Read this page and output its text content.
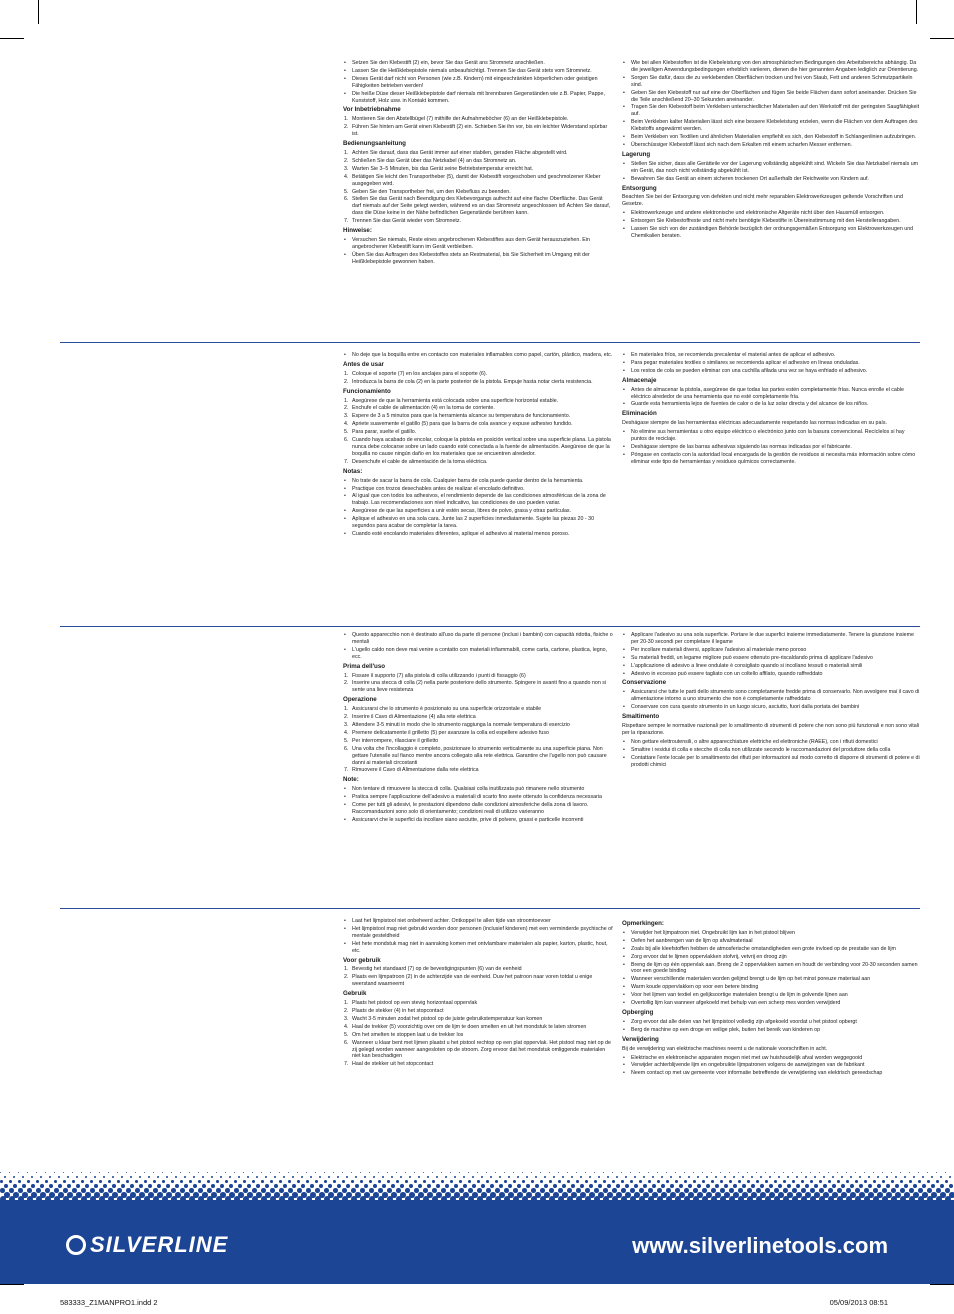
• Setzen Sie den Klebestift (2) ein, bevor Sie das Gerät ans Stromnetz anschließen.
• Lassen Sie die Heißklebepistole niemals unbeaufsichtigt. Trennen Sie das Gerät stets vom Stromnetz.
• Dieses Gerät darf nicht von Personen (wie z.B. Kindern) mit eingeschränkten körperlichen oder geistigen Fähigkeiten betrieben werden!
• Die heiße Düse dieser Heißklebepistole darf niemals mit brennbaren Gegenständen wie z.B. Papier, Pappe, Kunststoff, Holz usw. in Kontakt kommen.
Vor Inbetriebnahme
1. Montieren Sie den Abstellbügel (7) mithilfe der Aufnahmeböcher (6) an der Heißklebepistole.
2. Führen Sie hinten am Gerät einen Klebestift (2) ein. Schieben Sie ihn vor, bis ein leichter Widerstand spürbar ist.
Bedienungsanleitung
1. Achten Sie darauf, dass das Gerät immer auf einer stabilen, geraden Fläche abgestellt wird.
2. Schließen Sie das Gerät über das Netzkabel (4) an das Stromnetz an.
3. Warten Sie 3–5 Minuten, bis das Gerät seine Betriebstemperatur erreicht hat.
4. Betätigen Sie leicht den Transportheber (5), damit der Klebestift vorgeschoben und geschmolzener Kleber ausgegeben wird.
5. Geben Sie den Transportheber frei, um den Klebefluss zu beenden.
6. Stellen Sie das Gerät nach Beendigung des Klebevorgangs aufrecht auf eine flache Oberfläche. Das Gerät darf niemals auf der Seite gelegt werden, während es an das Stromnetz angeschlossen ist! Achten Sie darauf, dass die Düse keine in der Nähe befindlichen Gegenstände berühren kann.
7. Trennen Sie das Gerät wieder vom Stromnetz.
Hinweise:
• Versuchen Sie niemals, Reste eines angebrochenen Klebestiftes aus dem Gerät herauszuziehen. Ein angebrochener Klebestift kann im Gerät verbleiben.
• Üben Sie das Auftragen des Klebestoffes stets an Restmaterial, bis Sie Sicherheit im Umgang mit der Heißklebepistole gewonnen haben.
• Wie bei allen Klebestoffen ist die Klebeleistung von den atmosphärischen Bedingungen des Arbeitsbereichs abhängig. Da die jeweiligen Anwendungsbedingungen erheblich variieren, dienen die hier genannten Angaben lediglich zur Orientierung.
• Sorgen Sie dafür, dass die zu verklebenden Oberflächen trocken und frei von Staub, Fett und anderen Schmutzpartikeln sind.
• Geben Sie den Klebestoff nur auf eine der Oberflächen und fügen Sie beide Flächen dann sofort aneinander. Drücken Sie die Teile anschließend 20–30 Sekunden aneinander.
• Tragen Sie den Klebestoff beim Verkleben unterschiedlicher Materialien auf den Werkstoff mit der geringsten Saugfähigkeit auf.
• Beim Verkleben kalter Materialien lässt sich eine bessere Klebeleistung erzielen, wenn die Flächen vor dem Auftragen des Klebstoffs angewärmt werden.
• Beim Verkleben von Textilien und ähnlichen Materialien empfiehlt es sich, den Klebestoff in Schlangenlinien aufzubringen.
• Überschüssiger Klebestoff lässt sich nach dem Erkalten mit einem scharfen Messer entfernen.
Lagerung
• Stellen Sie sicher, dass alle Gerätteile vor der Lagerung vollständig abgekühlt sind. Wickeln Sie das Netzkabel niemals um ein Gerät, das noch nicht vollständig abgekühlt ist.
• Bewahren Sie das Gerät an einem sicheren trockenen Ort außerhalb der Reichweite von Kindern auf.
Entsorgung

Beachten Sie bei der Entsorgung von defekten und nicht mehr reparablen Elektrowerkzeugen geltende Vorschriften und Gesetze.

• Elektrowerkzeuge und andere elektronische und elektronische Altgeräte nicht über den Hausmüll entsorgen.
• Entsorgen Sie Klebestoffreste und nicht mehr benötigte Klebestifte in Übereinstimmung mit den Herstellerangaben.
• Lassen Sie sich von der zuständigen Behörde bezüglich der ordnungsgemäßen Entsorgung von Elektrowerkzeugen und Chemikalien beraten.

• No deje que la boquilla entre en contacto con materiales inflamables como papel, cartón, plástico, madera, etc.
Antes de usar
1. Coloque el soporte (7) en los anclajes para el soporte (6).
2. Introduzca la barra de cola (2) en la parte posterior de la pistola. Empuje hasta notar cierta resistencia.
Funcionamiento
1. Asegúrese de que la herramienta está colocada sobre una superficie horizontal estable.
2. Enchufe el cable de alimentación (4) en la toma de corriente.
3. Espere de 3 a 5 minutos para que la herramienta alcance su temperatura de funcionamiento.
4. Apriete suavemente el gatillo (5) para que la barra de cola avance y expuse adhesivo fundido.
5. Para parar, suelte el gatillo.
6. Cuando haya acabado de encolar, coloque la pistola en posición vertical sobre una superficie plana. La pistola nunca debe colocarse sobre un lado cuando esté conectada a la fuente de alimentación. Asegúrese de que la boquilla no cause ningún daño en los materiales que se encuentren alrededor.
7. Desenchufe el cable de alimentación de la toma eléctrica.
Notas:
• No trate de sacar la barra de cola. Cualquier barra de cola puede quedar dentro de la herramienta.
• Practique con trozos desechables antes de realizar el encolado definitivo.
• Al igual que con todos los adhesivos, el rendimiento depende de las condiciones atmosféricas de la zona de trabajo. Las recomendaciones son nivel indicativo, las condiciones de uso pueden variar.
• Asegúrese de que las superficies a unir estén secas, libres de polvo, grasa y otras partículas.
• Aplique el adhesivo en una sola cara. Junte las 2 superficies inmediatamente. Sujete las piezas 20 - 30 segundos para acabar de completar la tarea.
• Cuando esté encolando materiales diferentes, aplique el adhesivo al material menos poroso.
• En materiales fríos, se recomienda precalentar el material antes de aplicar el adhesivo.
• Para pegar materiales textiles o similares se recomienda aplicar el adhesivo en líneas onduladas.
• Los restos de cola se pueden eliminar con una cuchilla afilada una vez se haya enfriado el adhesivo.
Almacenaje
• Antes de almacenar la pistola, asegúrese de que todas las partes estén completamente frías. Nunca enrolle el cable eléctrico alrededor de una herramienta que no esté completamente fría.
• Guarde esta herramienta lejos de fuentes de calor o de la luz solar directa y del alcance de los niños.
Eliminación

Deshágase siempre de las herramientas eléctricas adecuadamente respetando las normas indicadas en su país.

• No elimine sus herramientas u otro equipo eléctrico o electrónico junto con la basura convencional. Recíclelos si hay puntos de reciclaje.
• Deshágase siempre de las barras adhesivas siguiendo las normas indicadas por el fabricante.
• Póngase en contacto con la autoridad local encargada de la gestión de residuos si necesita más información sobre cómo eliminar este tipo de herramientas y residuos químicos correctamente.

• Questo apparecchio non è destinato all'uso da parte di persone (inclusi i bambini) con capacità ridotta, fisiche o mentali
• L'ugello caldo non deve mai venire a contatto con materiali infiammabili, come carta, cartone, plastica, legno, ecc.
Prima dell'uso
1. Fissare il supporto (7) alla pistola di colla utilizzando i punti di fissaggio (6)
2. Inserire una stecca di colla (2) nella parte posteriore dello strumento. Spingere in avanti fino a quando non si sente una lieve resistenza
Operazione
1. Assicurarsi che lo strumento è posizionato su una superficie orizzontale e stabile
2. Inserire il Cavo di Alimentazione (4) alla rete elettrica
3. Attendere 3-5 minuti in modo che lo strumento raggiunga la normale temperatura di esercizio
4. Premere delicatamente il grilletto (5) per avanzare la colla ed espellere adesivo fuso
5. Per interrompere, rilasciare il grilletto
6. Una volta che l'incollaggio è completo, posizionare lo strumento verticalmente su una superficie piana. Non gettare l'utensile sul fianco mentre ancora collegato alla rete elettrica. Garantire che l'ugello non può causare danni ai materiali circostanti
7. Rimuovere il Cavo di Alimentazione dalla rete elettrica
Note:
• Non tentare di rimuovere la stecca di colla. Qualsiasi colla inutilizzata può rimanere nello strumento
• Pratica sempre l'applicazione dell'adesivo a materiali di scarto fino avete ottenuto la confidenza necessaria
• Come per tutti gli adesivi, le prestazioni dipendono dalle condizioni atmosferiche della zona di lavoro. Raccomandazioni sono solo di orientamento; condizioni reali di utilizzo varieranno
• Assicurarvi che le superfici da incollare siano asciutte, prive di polvere, grassi e particelle incorrenti
• Applicare l'adesivo su una sola superficie. Portare le due superfici insieme immediatamente. Tenere la giunzione insieme per 20-30 secondi per completare il legame
• Per incollare materiali diversi, applicare l'adesivo al materiale meno poroso
• Su materiali freddi, un legame migliore può essere ottenuto pre-riscaldando prima di applicare l'adesivo
• L'applicazione di adesivo a linee ondulate è consigliato quando si incollano tessuti o materiali simili
• Adesivo in eccesso può essere tagliato con un coltello affilato, quando raffreddato
Conservazione
• Assicurarsi che tutte le parti dello strumento sono completamente fredde prima di conservarlo. Non avvolgere mai il cavo di alimentazione intorno a uno strumento che non è completamente raffreddato
• Conservare con cura questo strumento in un luogo sicuro, asciutto, fuori dalla portata dei bambini
Smaltimento

Rispettare sempre le normative nazionali per lo smaltimento di strumenti di potere che non sono più funzionali e non sono vitali per la riparazione.

• Non gettare elettroutensili, o altre apparecchiature elettriche ed elettroniche (RAEE), con i rifiuti domestici
• Smaltire i residui di colla e stecche di colla non utilizzate secondo le raccomandazioni del produttore della colla
• Contattare l'ente locale per lo smaltimento dei rifiuti per informazioni sul modo corretto di disporre di strumenti di potere e di prodotti chimici

• Laat het lijmpistool niet onbeheerd achter. Ontkoppel te allen tijde van stroomtoevoer
• Het lijmpistool mag niet gebruikt worden door personen (inclusief kinderen) met een verminderde psychische of mentale gesteldheid
• Het hete mondstuk mag niet in aanraking komen met ontvlambare materialen als papier, karton, plastic, hout, etc.
Voor gebruik
1. Bevestig het standaard (7) op de bevestigingspunten (6) van de eenheid
2. Plaats een lijmpatroon (2) in de achterzijde van de eenheid. Duw het patroon naar voren totdat u enige weerstand waarneemt
Gebruik
1. Plaats het pistool op een stevig horizontaal oppervlak
2. Plaats de stekker (4) in het stopcontact
3. Wacht 3-5 minuten zodat het pistool op de juiste gebruikstemperatuur kan komen
4. Haal de trekker (5) voorzichtig over om de lijm te doen smelten en uit het mondstuk te laten stromen
5. Om het smelten te stoppen laat u de trekker los
6. Wanneer u klaar bent met lijmen plaatst u het pistool rechtop op een plat oppervlak. Het pistool mag niet op de zij gelegd worden wanneer aangesloten op de stroom. Zorg ervoor dat het mondstuk omliggende materialen niet kan beschadigen
7. Haal de stekker uit het stopcontact
Opmerkingen:
• Verwijder het lijmpatroon niet. Ongebruikt lijm kan in het pistool blijven
• Oefen het aanbrengen van de lijm op afvalmateriaal
• Zoals bij alle kleefstoffen hebben de atmosferische omstandigheden een grote invloed op de prestatie van de lijm
• Zorg ervoor dat te lijmen oppervlakken stofvrij, vetvrij en droog zijn
• Breng de lijm op één oppervlak aan. Breng de 2 oppervlakken samen en houdt de verbinding voor 20-30 seconden samen voor een goede binding
• Wanneer verschillende materialen worden gelijmd brengt u de lijm op het minst poreuze materiaal aan
• Warm koude oppervlakken op voor een betere binding
• Voor het lijmen van textiel en gelijksoortige materialen brengt u de lijm in golvende lijnen aan
• Overtollig lijm kan wanneer afgekoeld met behulp van een scherp mes worden verwijderd
Opberging
• Zorg ervoor dat alle delen van het lijmpistool volledig zijn afgekoeld voordat u het pistool opbergt
• Berg de machine op een droge en veilige plek, buiten het bereik van kinderen op
Verwijdering

Bij de verwijdering van elektrische machines neemt u de nationale voorschriften in acht.

• Elektrische en elektronische apparaten mogen niet met uw huishoudelijk afval worden weggegooid
• Verwijder achterblijvende lijm en ongebruikte lijmpatronen volgens de aanwijzingen van de fabrikant
• Neem contact op met uw gemeente voor informatie betreffende de verwijdering van elektrisch gereedschap
SILVERLINE	www.silverlinetools.com
583333_Z1MANPRO1.indd 2	05/09/2013 08:51
